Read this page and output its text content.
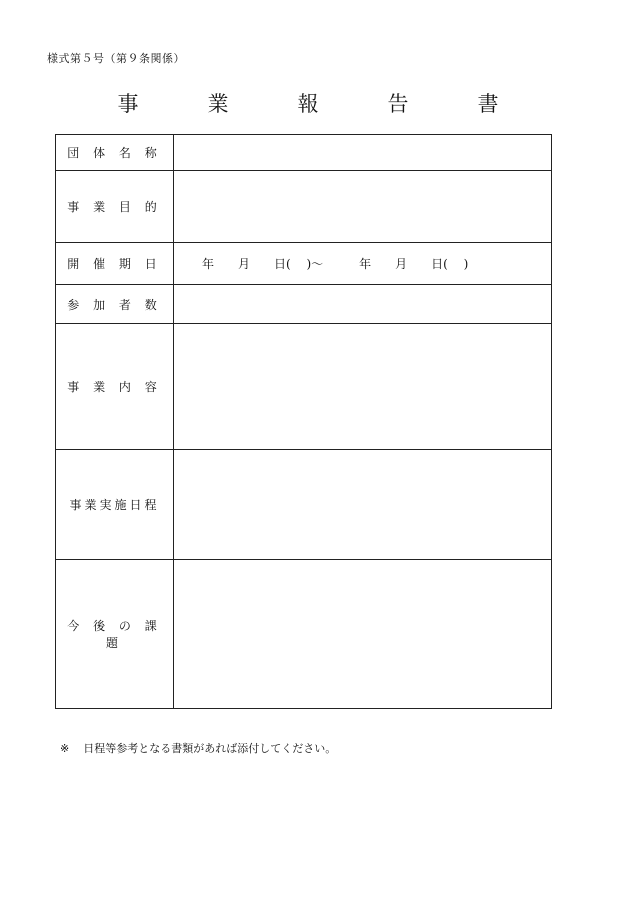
様式第５号（第９条関係）
事　業　報　告　書
団 体 名 称	
事 業 目 的	
開 催 期 日	年　　月　　日(　 )～　　　年　　月　　日(　 )
参 加 者 数	
事 業 内 容	
事業実施日程	
今 後 の 課 題	
※ 日程等参考となる書類があれば添付してください。
